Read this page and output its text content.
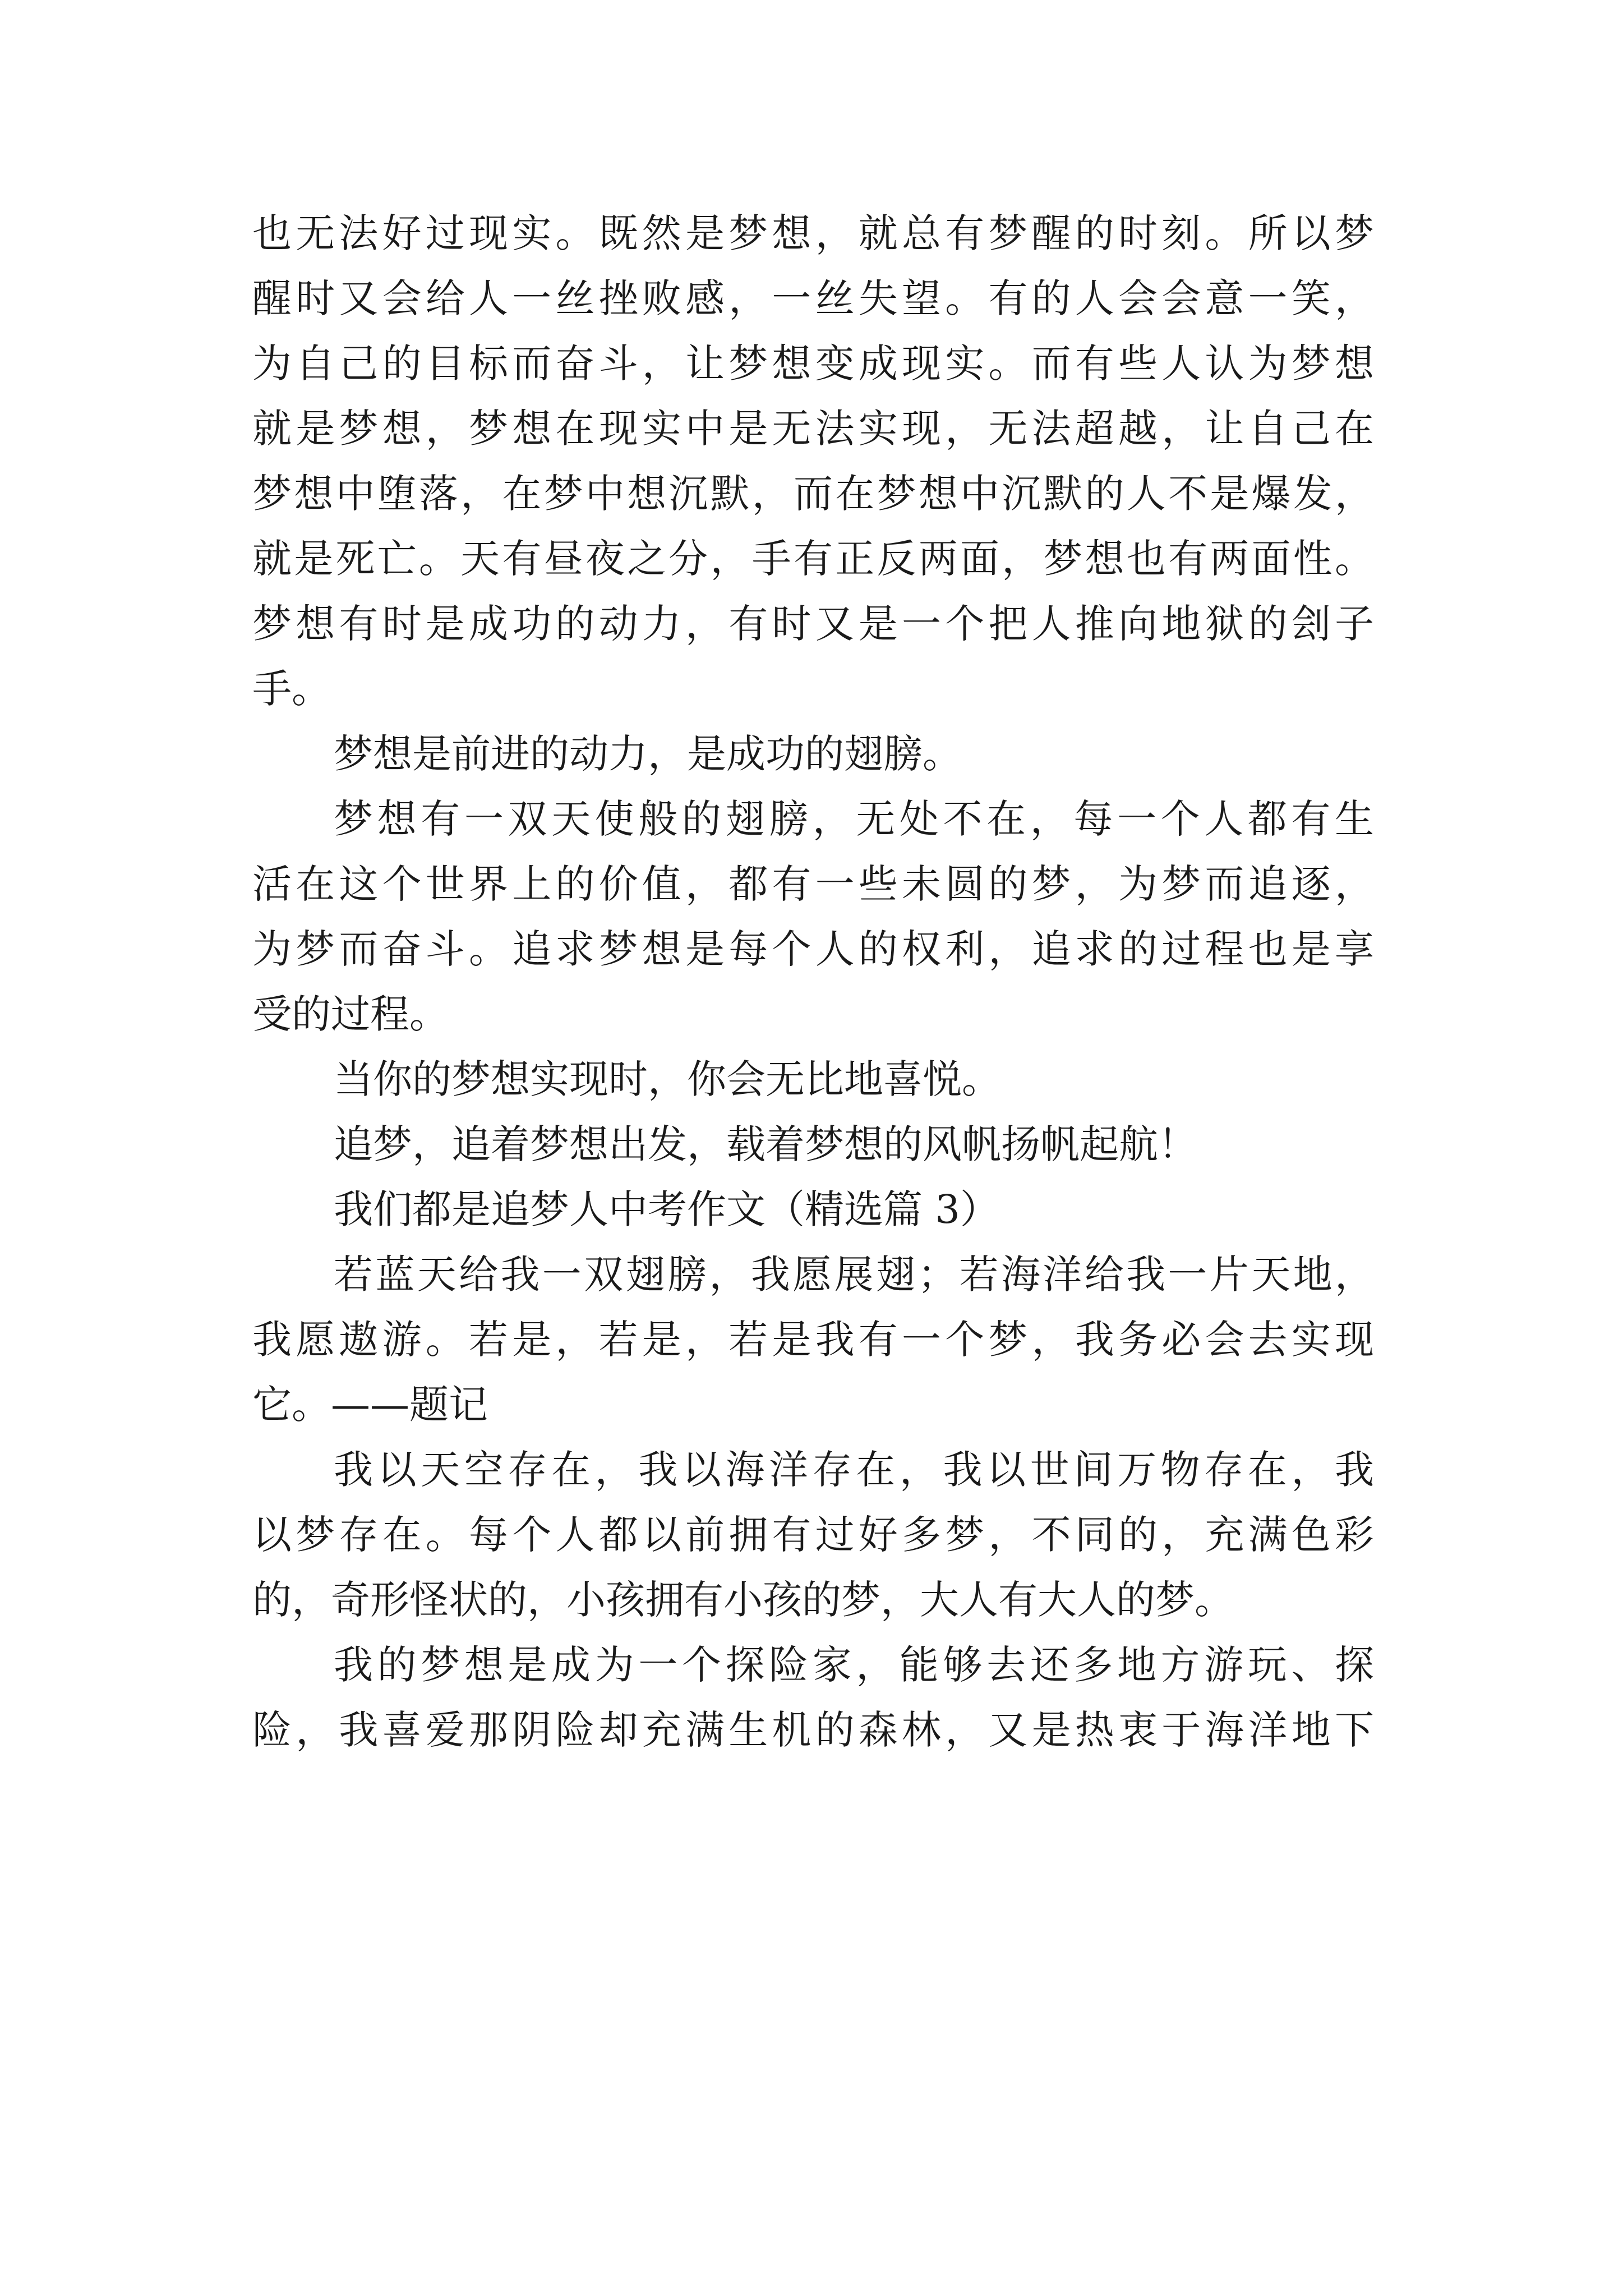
也无法好过现实。既然是梦想，就总有梦醒的时刻。所以梦
醒时又会给人一丝挫败感，一丝失望。有的人会会意一笑，
为自己的目标而奋斗，让梦想变成现实。而有些人认为梦想
就是梦想，梦想在现实中是无法实现，无法超越，让自己在
梦想中堕落，在梦中想沉默，而在梦想中沉默的人不是爆发，
就是死亡。天有昼夜之分，手有正反两面，梦想也有两面性。
梦想有时是成功的动力，有时又是一个把人推向地狱的刽子
手。
梦想是前进的动力，是成功的翅膀。
梦想有一双天使般的翅膀，无处不在，每一个人都有生
活在这个世界上的价值，都有一些未圆的梦，为梦而追逐，
为梦而奋斗。追求梦想是每个人的权利，追求的过程也是享
受的过程。
当你的梦想实现时，你会无比地喜悦。
追梦，追着梦想出发，载着梦想的风帆扬帆起航！
我们都是追梦人中考作文（精选篇 3）
若蓝天给我一双翅膀，我愿展翅；若海洋给我一片天地，
我愿遨游。若是，若是，若是我有一个梦，我务必会去实现
它。——题记
我以天空存在，我以海洋存在，我以世间万物存在，我
以梦存在。每个人都以前拥有过好多梦，不同的，充满色彩
的，奇形怪状的，小孩拥有小孩的梦，大人有大人的梦。
我的梦想是成为一个探险家，能够去还多地方游玩、探
险，我喜爱那阴险却充满生机的森林，又是热衷于海洋地下
